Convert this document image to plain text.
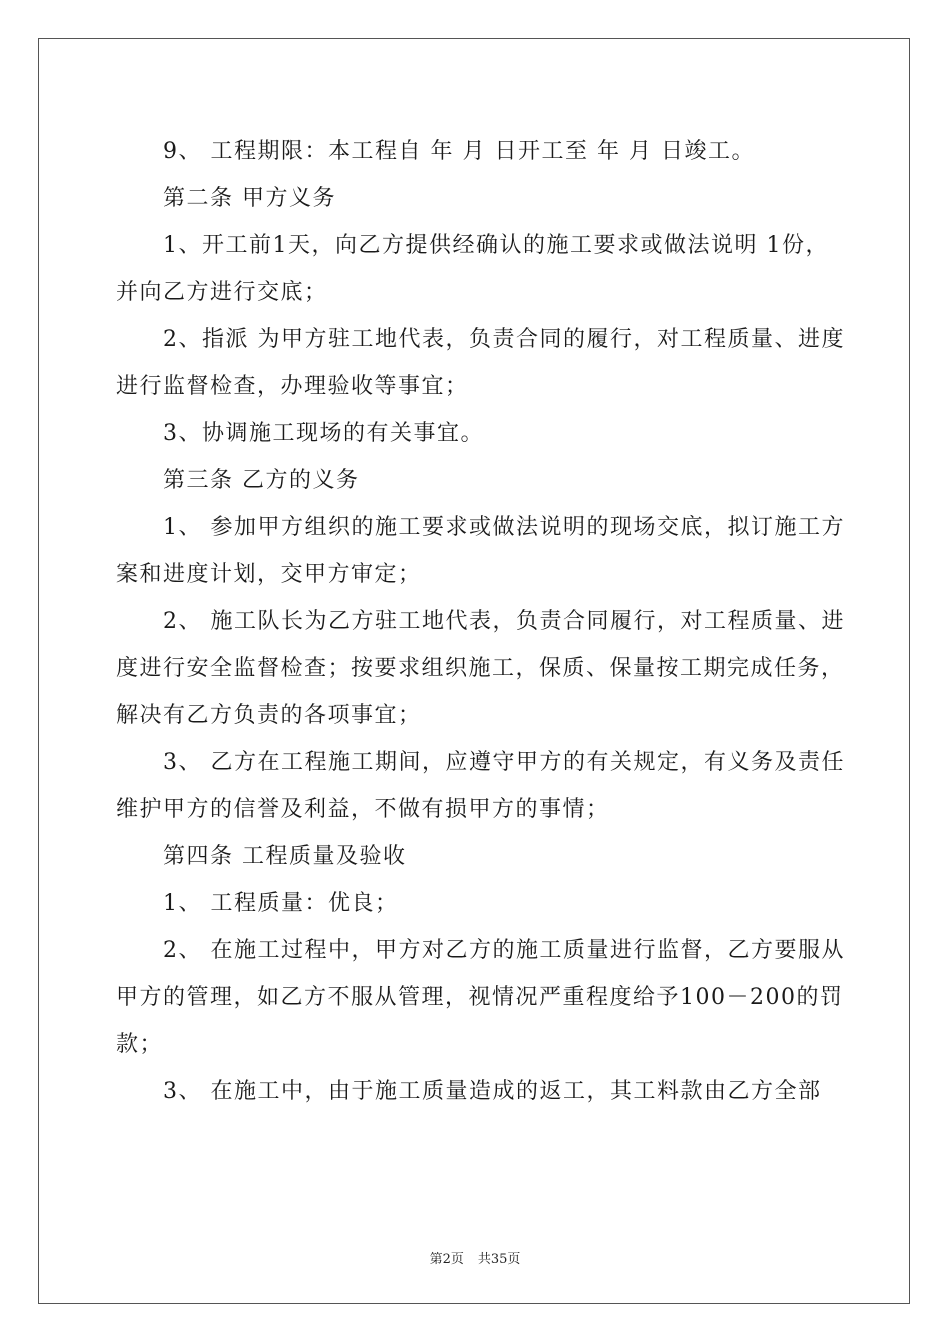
9、 工程期限：本工程自 年 月 日开工至 年 月 日竣工。

第二条 甲方义务

1、开工前1天，向乙方提供经确认的施工要求或做法说明 1份，并向乙方进行交底；

2、指派 为甲方驻工地代表，负责合同的履行，对工程质量、进度进行监督检查，办理验收等事宜；

3、协调施工现场的有关事宜。

第三条 乙方的义务

1、 参加甲方组织的施工要求或做法说明的现场交底，拟订施工方案和进度计划，交甲方审定；

2、 施工队长为乙方驻工地代表，负责合同履行，对工程质量、进度进行安全监督检查；按要求组织施工，保质、保量按工期完成任务，解决有乙方负责的各项事宜；

3、 乙方在工程施工期间，应遵守甲方的有关规定，有义务及责任维护甲方的信誉及利益，不做有损甲方的事情；

第四条 工程质量及验收

1、 工程质量：优良；

2、 在施工过程中，甲方对乙方的施工质量进行监督，乙方要服从甲方的管理，如乙方不服从管理，视情况严重程度给予100－200的罚款；

3、 在施工中，由于施工质量造成的返工，其工料款由乙方全部

第2页 共35页
